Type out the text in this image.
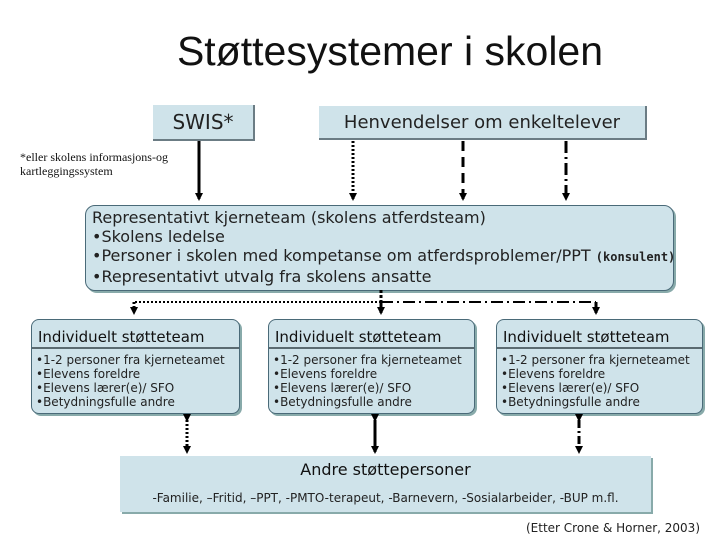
Støttesystemer i skolen
SWIS*	Henvendelser om enkeltelever
*eller skolens informasjons-og
kartleggingssystem
Representativt kjerneteam (skolens atferdsteam)
•Skolens ledelse
•Personer i skolen med kompetanse om atferdsproblemer/PPT (konsulent)
•Representativt utvalg fra skolens ansatte
Individuelt støtteteam
•1-2 personer fra kjerneteamet
•Elevens foreldre
•Elevens lærer(e)/ SFO
•Betydningsfulle andre
Individuelt støtteteam
•1-2 personer fra kjerneteamet
•Elevens foreldre
•Elevens lærer(e)/ SFO
•Betydningsfulle andre
Individuelt støtteteam
•1-2 personer fra kjerneteamet
•Elevens foreldre
•Elevens lærer(e)/ SFO
•Betydningsfulle andre
Andre støttepersoner
-Familie, –Fritid, –PPT, -PMTO-terapeut, -Barnevern, -Sosialarbeider, -BUP m.fl.
(Etter Crone & Horner, 2003)
